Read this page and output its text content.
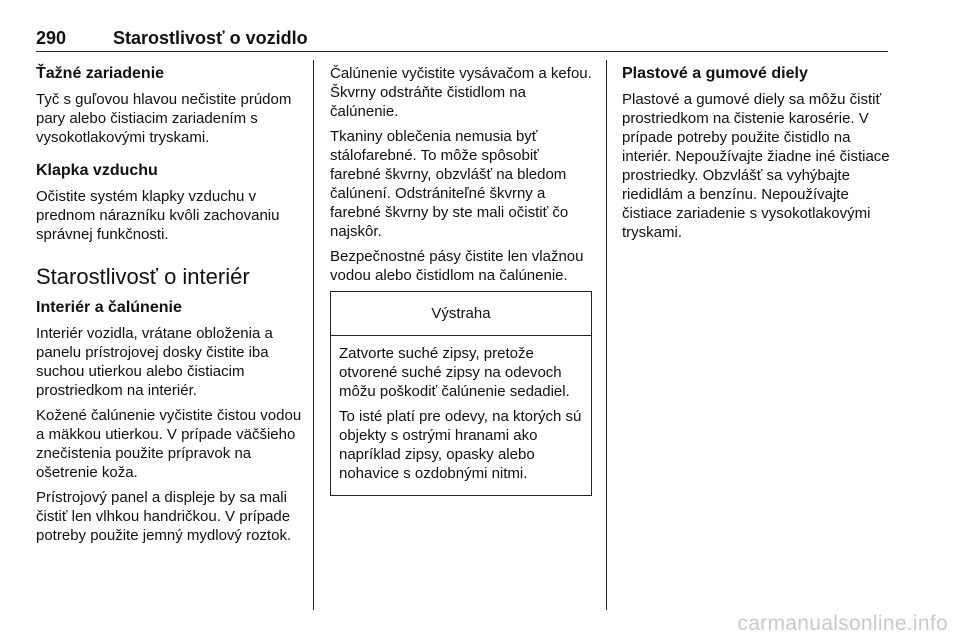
290	Starostlivosť o vozidlo
Ťažné zariadenie

Tyč s guľovou hlavou nečistite prúdom pary alebo čistiacim zariadením s vysokotlakovými tryskami.

Klapka vzduchu

Očistite systém klapky vzduchu v prednom nárazníku kvôli zachovaniu správnej funkčnosti.

Starostlivosť o interiér
Interiér a čalúnenie

Interiér vozidla, vrátane obloženia a panelu prístrojovej dosky čistite iba suchou utierkou alebo čistiacim prostriedkom na interiér.

Kožené čalúnenie vyčistite čistou vodou a mäkkou utierkou. V prípade väčšieho znečistenia použite prípravok na ošetrenie koža.

Prístrojový panel a displeje by sa mali čistiť len vlhkou handričkou. V prípade potreby použite jemný mydlový roztok.

Čalúnenie vyčistite vysávačom a kefou. Škvrny odstráňte čistidlom na čalúnenie.

Tkaniny oblečenia nemusia byť stálofarebné. To môže spôsobiť farebné škvrny, obzvlášť na bledom čalúnení. Odstrániteľné škvrny a farebné škvrny by ste mali očistiť čo najskôr.

Bezpečnostné pásy čistite len vlažnou vodou alebo čistidlom na čalúnenie.

Výstraha

Zatvorte suché zipsy, pretože otvorené suché zipsy na odevoch môžu poškodiť čalúnenie sedadiel.

To isté platí pre odevy, na ktorých sú objekty s ostrými hranami ako napríklad zipsy, opasky alebo nohavice s ozdobnými nitmi.

Plastové a gumové diely

Plastové a gumové diely sa môžu čistiť prostriedkom na čistenie karosérie. V prípade potreby použite čistidlo na interiér. Nepoužívajte žiadne iné čistiace prostriedky. Obzvlášť sa vyhýbajte riedidlám a benzínu. Nepoužívajte čistiace zariadenie s vysokotlakovými tryskami.

carmanualsonline.info
